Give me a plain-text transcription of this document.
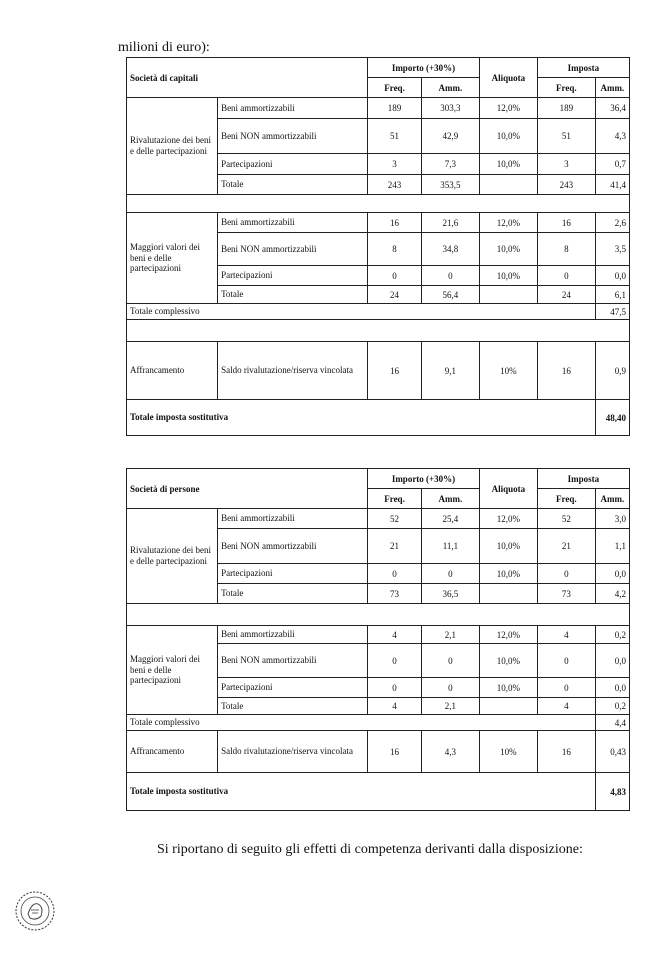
milioni di euro):
Società di capitali		Importo (+30%)		Aliquota	Imposta	
		Freq.	Amm.		Freq.	Amm.
Rivalutazione dei beni e delle partecipazioni	Beni ammortizzabili	189	303,3	12,0%	189	36,4
	Beni NON ammortizzabili	51	42,9	10,0%	51	4,3
	Partecipazioni	3	7,3	10,0%	3	0,7
	Totale	243	353,5		243	41,4

Maggiori valori dei beni e delle partecipazioni	Beni ammortizzabili	16	21,6	12,0%	16	2,6
	Beni NON ammortizzabili	8	34,8	10,0%	8	3,5
	Partecipazioni	0	0	10,0%	0	0,0
	Totale	24	56,4		24	6,1
Totale complessivo						47,5

Affrancamento	Saldo rivalutazione/riserva vincolata	16	9,1	10%	16	0,9
Totale imposta sostitutiva						48,40
Società di persone		Importo (+30%)		Aliquota	Imposta	
		Freq.	Amm.		Freq.	Amm.
Rivalutazione dei beni e delle partecipazioni	Beni ammortizzabili	52	25,4	12,0%	52	3,0
	Beni NON ammortizzabili	21	11,1	10,0%	21	1,1
	Partecipazioni	0	0	10,0%	0	0,0
	Totale	73	36,5		73	4,2

Maggiori valori dei beni e delle partecipazioni	Beni ammortizzabili	4	2,1	12,0%	4	0,2
	Beni NON ammortizzabili	0	0	10,0%	0	0,0
	Partecipazioni	0	0	10,0%	0	0,0
	Totale	4	2,1		4	0,2
Totale complessivo						4,4
Affrancamento	Saldo rivalutazione/riserva vincolata	16	4,3	10%	16	0,43
Totale imposta sostitutiva						4,83
Si riportano di seguito gli effetti di competenza derivanti dalla disposizione:
